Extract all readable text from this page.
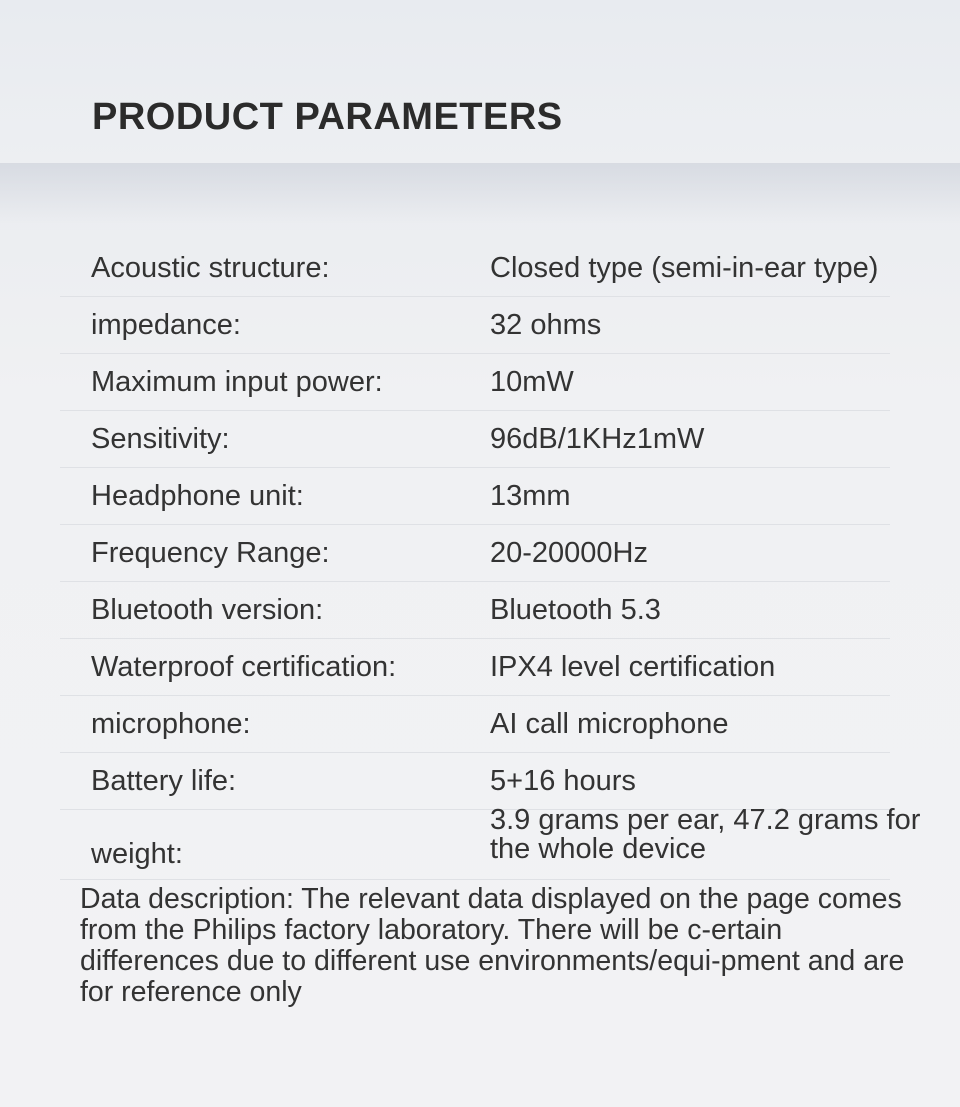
PRODUCT PARAMETERS
Acoustic structure:	Closed type (semi-in-ear type)
impedance:	32 ohms
Maximum input power:	10mW
Sensitivity:	96dB/1KHz1mW
Headphone unit:	13mm
Frequency Range:	20-20000Hz
Bluetooth version:	Bluetooth 5.3
Waterproof certification:	IPX4 level certification
microphone:	AI call microphone
Battery life:	5+16 hours
weight:
3.9 grams per ear, 47.2 grams for the whole device

Data description: The relevant data displayed on the page comes from the Philips factory laboratory. There will be c-ertain differences due to different use environments/equi-pment and are for reference only
